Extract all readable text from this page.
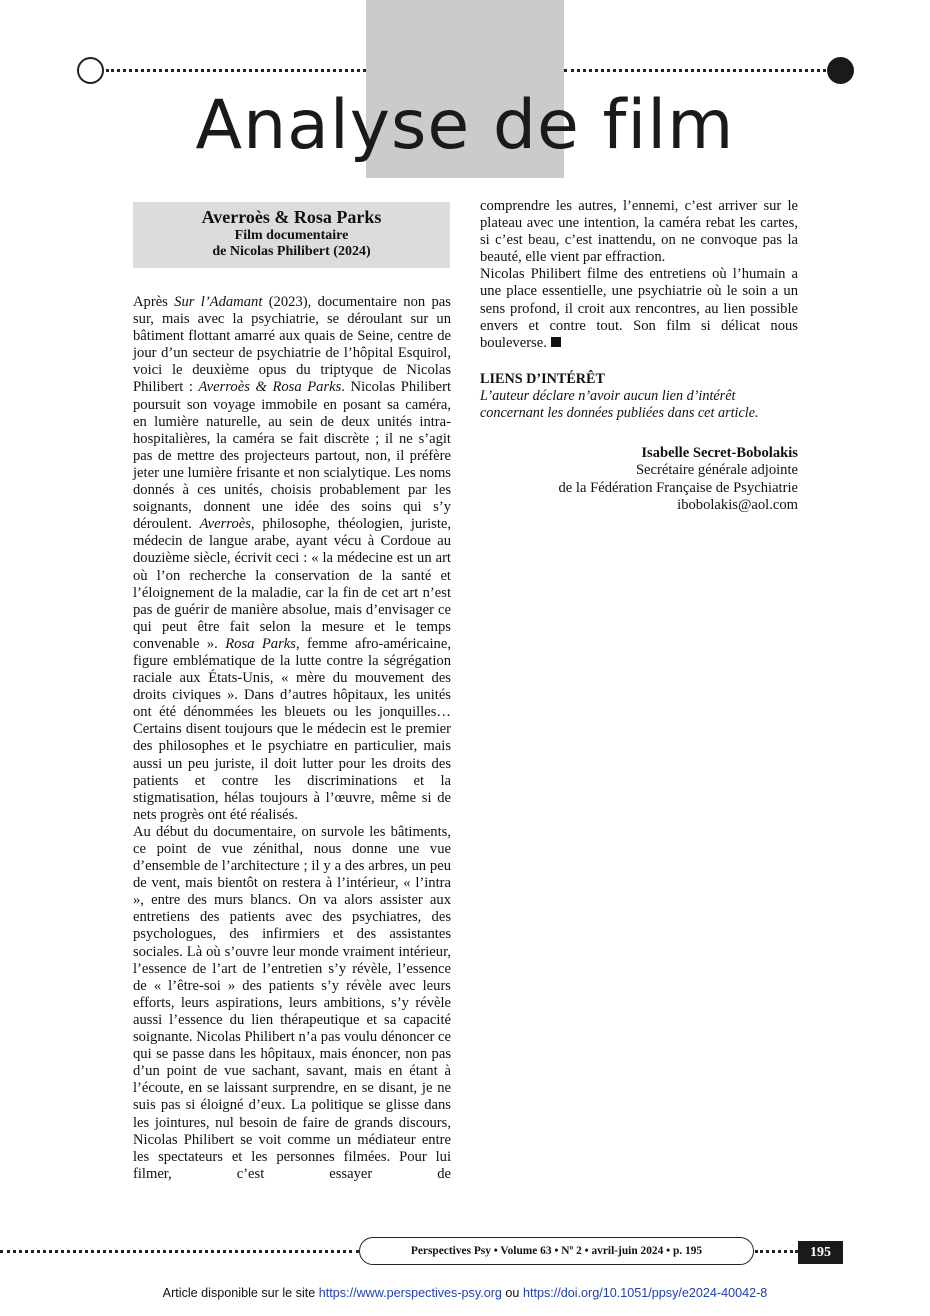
Analyse de film
Averroès & Rosa Parks
Film documentaire
de Nicolas Philibert (2024)

Après Sur l’Adamant (2023), documentaire non pas sur, mais avec la psychiatrie, se déroulant sur un bâtiment flottant amarré aux quais de Seine, centre de jour d’un secteur de psychiatrie de l’hôpital Esquirol, voici le deuxième opus du triptyque de Nicolas Philibert : Averroès & Rosa Parks. Nicolas Philibert poursuit son voyage immobile en posant sa caméra, en lumière naturelle, au sein de deux unités intra- hospitalières, la caméra se fait discrète ; il ne s’agit pas de mettre des projecteurs partout, non, il préfère jeter une lumière frisante et non scialytique. Les noms donnés à ces unités, choisis probablement par les soignants, donnent une idée des soins qui s’y déroulent. Averroès, philosophe, théologien, juriste, médecin de langue arabe, ayant vécu à Cordoue au douzième siècle, écrivit ceci : « la médecine est un art où l’on recherche la conservation de la santé et l’éloignement de la maladie, car la fin de cet art n’est pas de guérir de manière absolue, mais d’envisager ce qui peut être fait selon la mesure et le temps convenable ». Rosa Parks, femme afro-américaine, figure emblématique de la lutte contre la ségrégation raciale aux États-Unis, « mère du mouvement des droits civiques ». Dans d’autres hôpitaux, les unités ont été dénommées les bleuets ou les jonquilles… Certains disent toujours que le médecin est le premier des philosophes et le psychiatre en particulier, mais aussi un peu juriste, il doit lutter pour les droits des patients et contre les discriminations et la stigmatisation, hélas toujours à l’œuvre, même si de nets progrès ont été réalisés.

Au début du documentaire, on survole les bâtiments, ce point de vue zénithal, nous donne une vue d’ensemble de l’architecture ; il y a des arbres, un peu de vent, mais bientôt on restera à l’intérieur, « l’intra », entre des murs blancs. On va alors assister aux entretiens des patients avec des psychiatres, des psychologues, des infirmiers et des assistantes sociales. Là où s’ouvre leur monde vraiment intérieur, l’essence de l’art de l’entretien s’y révèle, l’essence de « l’être-soi » des patients s’y révèle avec leurs efforts, leurs aspirations, leurs ambitions, s’y révèle aussi l’essence du lien thérapeutique et sa capacité soignante. Nicolas Philibert n’a pas voulu dénoncer ce qui se passe dans les hôpitaux, mais énoncer, non pas d’un point de vue sachant, savant, mais en étant à l’écoute, en se laissant surprendre, en se disant, je ne suis pas si éloigné d’eux. La politique se glisse dans les jointures, nul besoin de faire de grands discours, Nicolas Philibert se voit comme un médiateur entre les spectateurs et les personnes filmées. Pour lui filmer, c’est essayer de

comprendre les autres, l’ennemi, c’est arriver sur le plateau avec une intention, la caméra rebat les cartes, si c’est beau, c’est inattendu, on ne convoque pas la beauté, elle vient par effraction.

Nicolas Philibert filme des entretiens où l’humain a une place essentielle, une psychiatrie où le soin a un sens profond, il croit aux rencontres, au lien possible envers et contre tout. Son film si délicat nous bouleverse.

LIENS D’INTÉRÊT
L’auteur déclare n’avoir aucun lien d’intérêt concernant les données publiées dans cet article.
Isabelle Secret-Bobolakis
Secrétaire générale adjointe
de la Fédération Française de Psychiatrie
ibobolakis@aol.com
Perspectives Psy • Volume 63 • Nº 2 • avril-juin 2024 • p. 195	195
Article disponible sur le site https://www.perspectives-psy.org ou https://doi.org/10.1051/ppsy/e2024-40042-8
